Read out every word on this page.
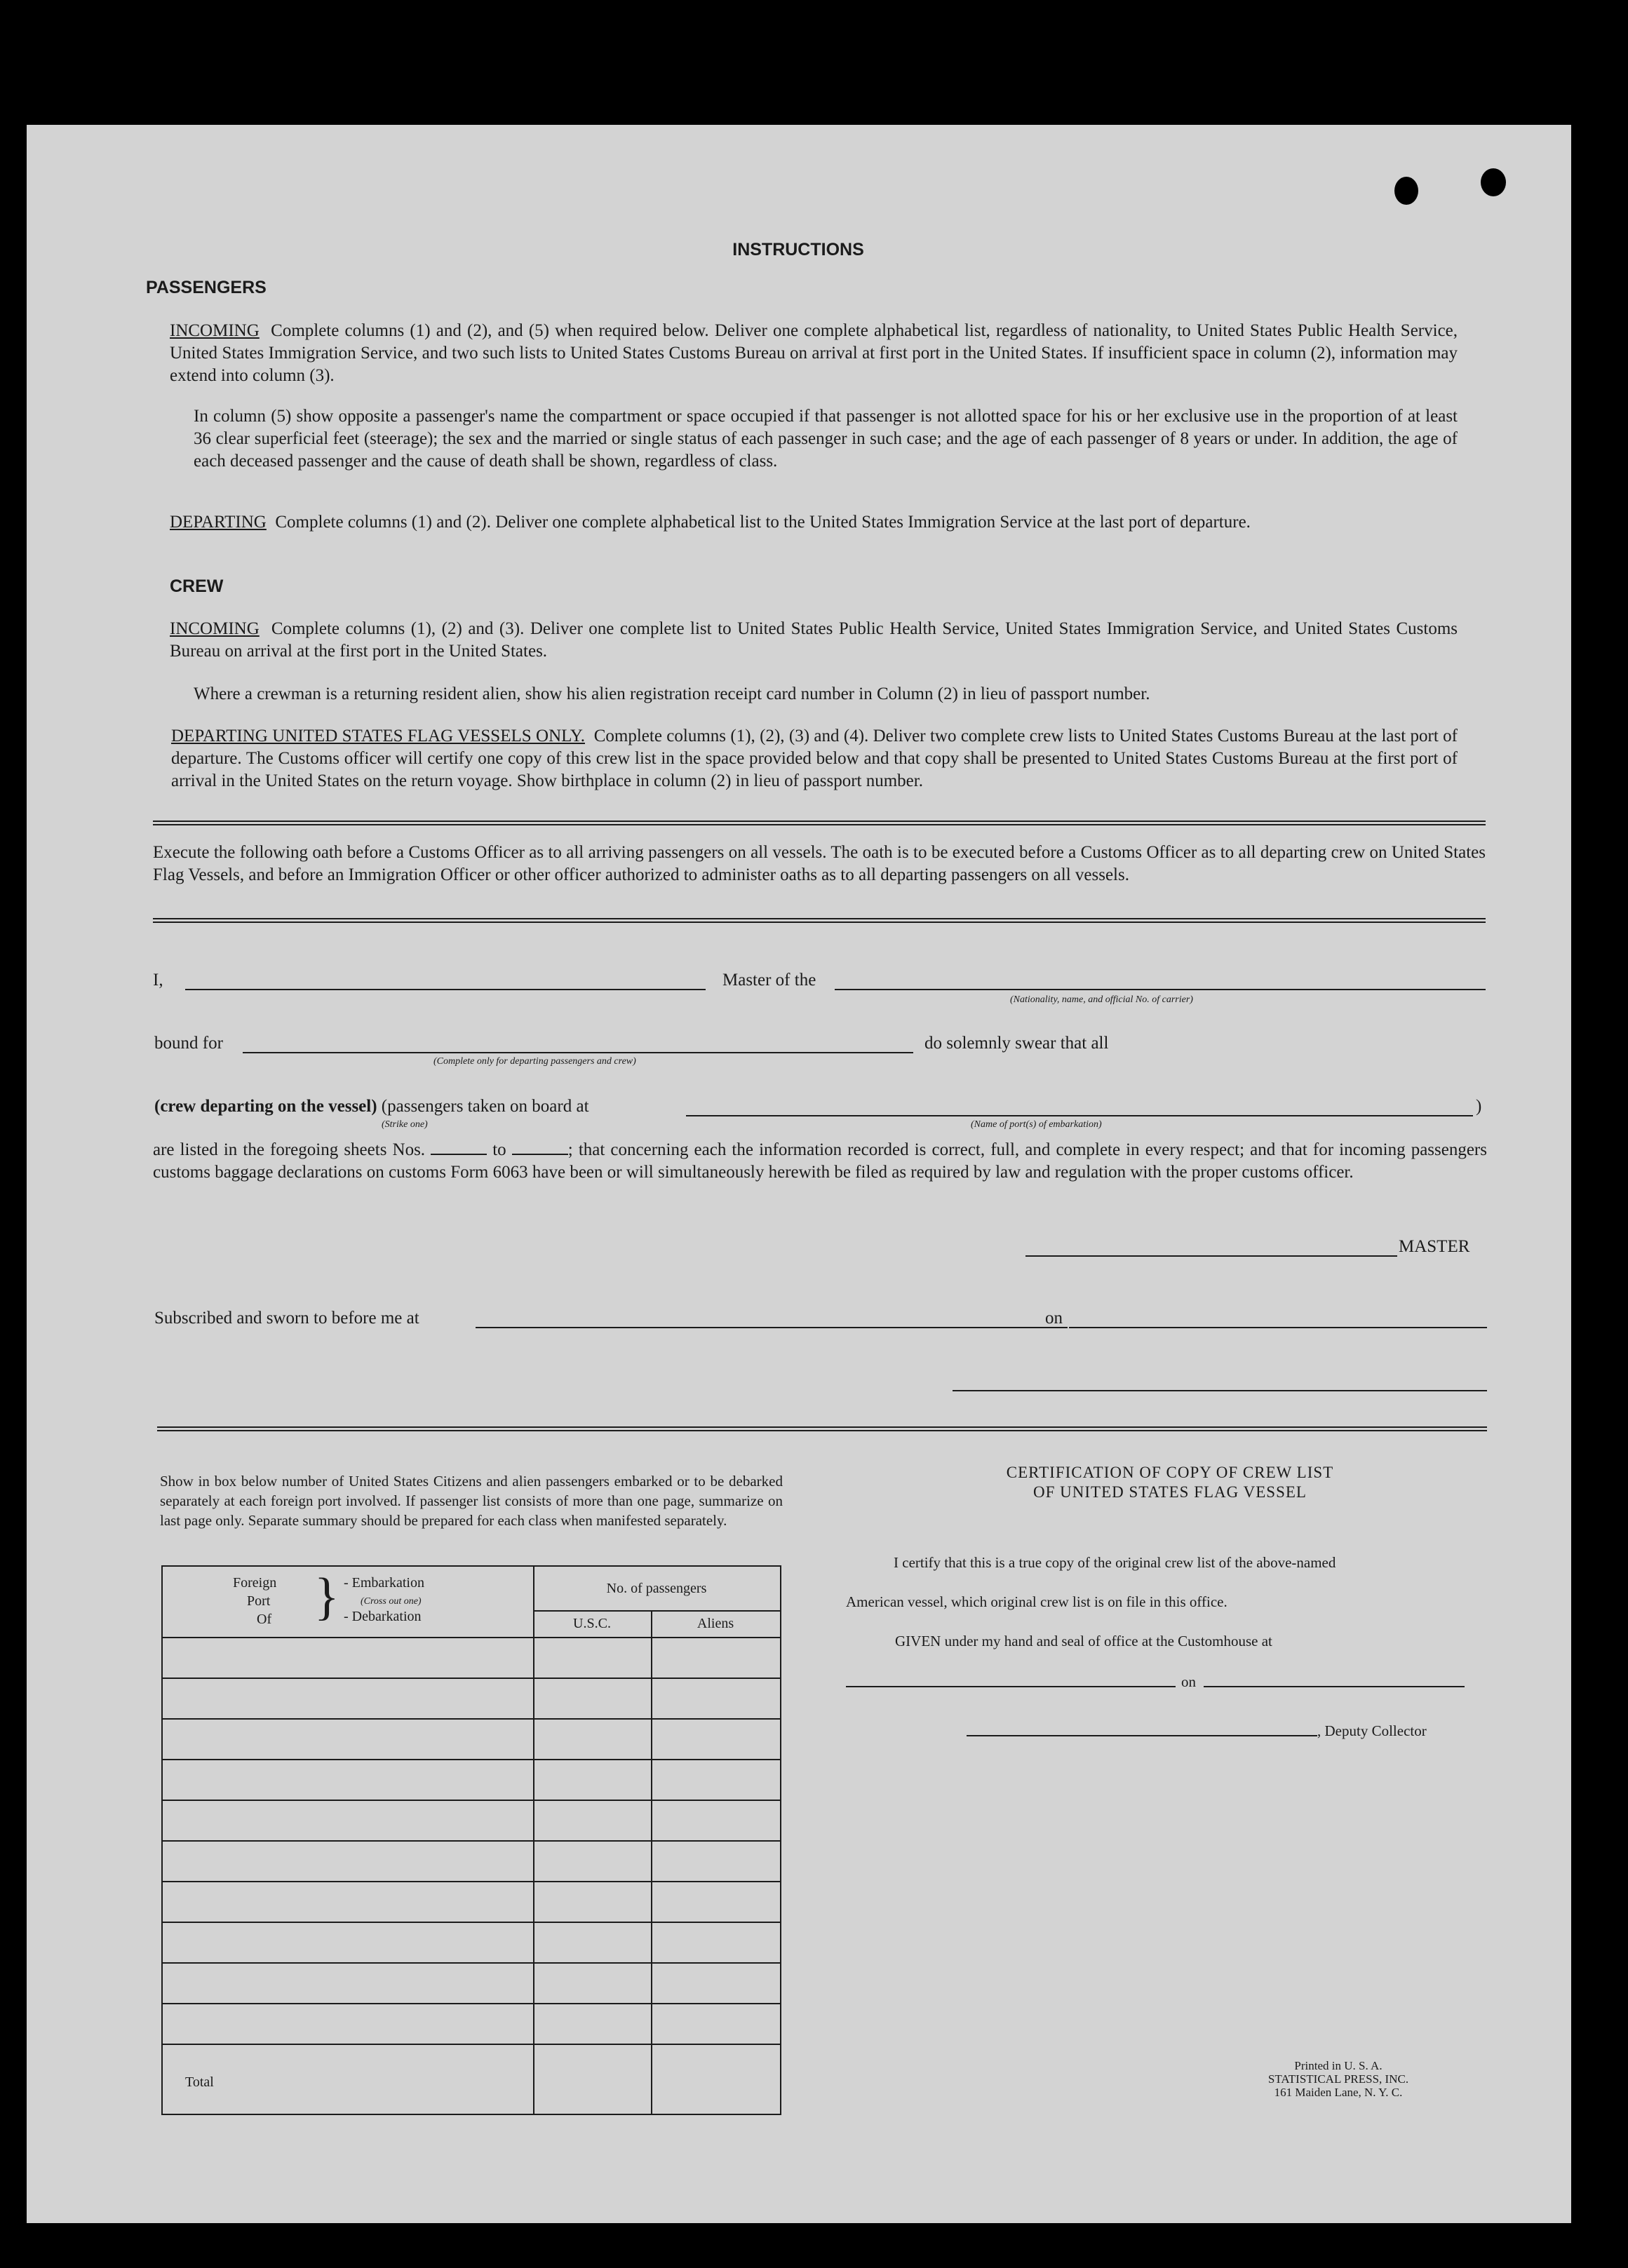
INSTRUCTIONS
PASSENGERS
INCOMING Complete columns (1) and (2), and (5) when required below. Deliver one complete alphabetical list, regardless of nationality, to United States Public Health Service, United States Immigration Service, and two such lists to United States Customs Bureau on arrival at first port in the United States. If insufficient space in column (2), information may extend into column (3).
In column (5) show opposite a passenger's name the compartment or space occupied if that passenger is not allotted space for his or her exclusive use in the proportion of at least 36 clear superficial feet (steerage); the sex and the married or single status of each passenger in such case; and the age of each passenger of 8 years or under. In addition, the age of each deceased passenger and the cause of death shall be shown, regardless of class.
DEPARTING Complete columns (1) and (2). Deliver one complete alphabetical list to the United States Immigration Service at the last port of departure.
CREW
INCOMING Complete columns (1), (2) and (3). Deliver one complete list to United States Public Health Service, United States Immigration Service, and United States Customs Bureau on arrival at the first port in the United States.
Where a crewman is a returning resident alien, show his alien registration receipt card number in Column (2) in lieu of passport number.
DEPARTING UNITED STATES FLAG VESSELS ONLY. Complete columns (1), (2), (3) and (4). Deliver two complete crew lists to United States Customs Bureau at the last port of departure. The Customs officer will certify one copy of this crew list in the space provided below and that copy shall be presented to United States Customs Bureau at the first port of arrival in the United States on the return voyage. Show birthplace in column (2) in lieu of passport number.
Execute the following oath before a Customs Officer as to all arriving passengers on all vessels. The oath is to be executed before a Customs Officer as to all departing crew on United States Flag Vessels, and before an Immigration Officer or other officer authorized to administer oaths as to all departing passengers on all vessels.
I,	Master of the
(Nationality, name, and official No. of carrier)
bound for
(Complete only for departing passengers and crew)
do solemnly swear that all
(crew departing on the vessel) (passengers taken on board at	)
(Strike one)	(Name of port(s) of embarkation)
are listed in the foregoing sheets Nos.	to	; that concerning each the information recorded is correct, full, and complete in every respect; and that for incoming passengers customs baggage declarations on customs Form 6063 have been or will simultaneously herewith be filed as required by law and regulation with the proper customs officer.
MASTER
Subscribed and sworn to before me at	on
Show in box below number of United States Citizens and alien passengers embarked or to be debarked separately at each foreign port involved. If passenger list consists of more than one page, summarize on last page only. Separate summary should be prepared for each class when manifested separately.
Foreign
Port
Of } - Embarkation
(Cross out one)
- Debarkation
No. of passengers
U.S.C.	Aliens
Total
CERTIFICATION OF COPY OF CREW LIST
OF UNITED STATES FLAG VESSEL
I certify that this is a true copy of the original crew list of the above-named
American vessel, which original crew list is on file in this office.
GIVEN under my hand and seal of office at the Customhouse at
on
, Deputy Collector
Printed in U. S. A.
STATISTICAL PRESS, INC.
161 Maiden Lane, N. Y. C.
